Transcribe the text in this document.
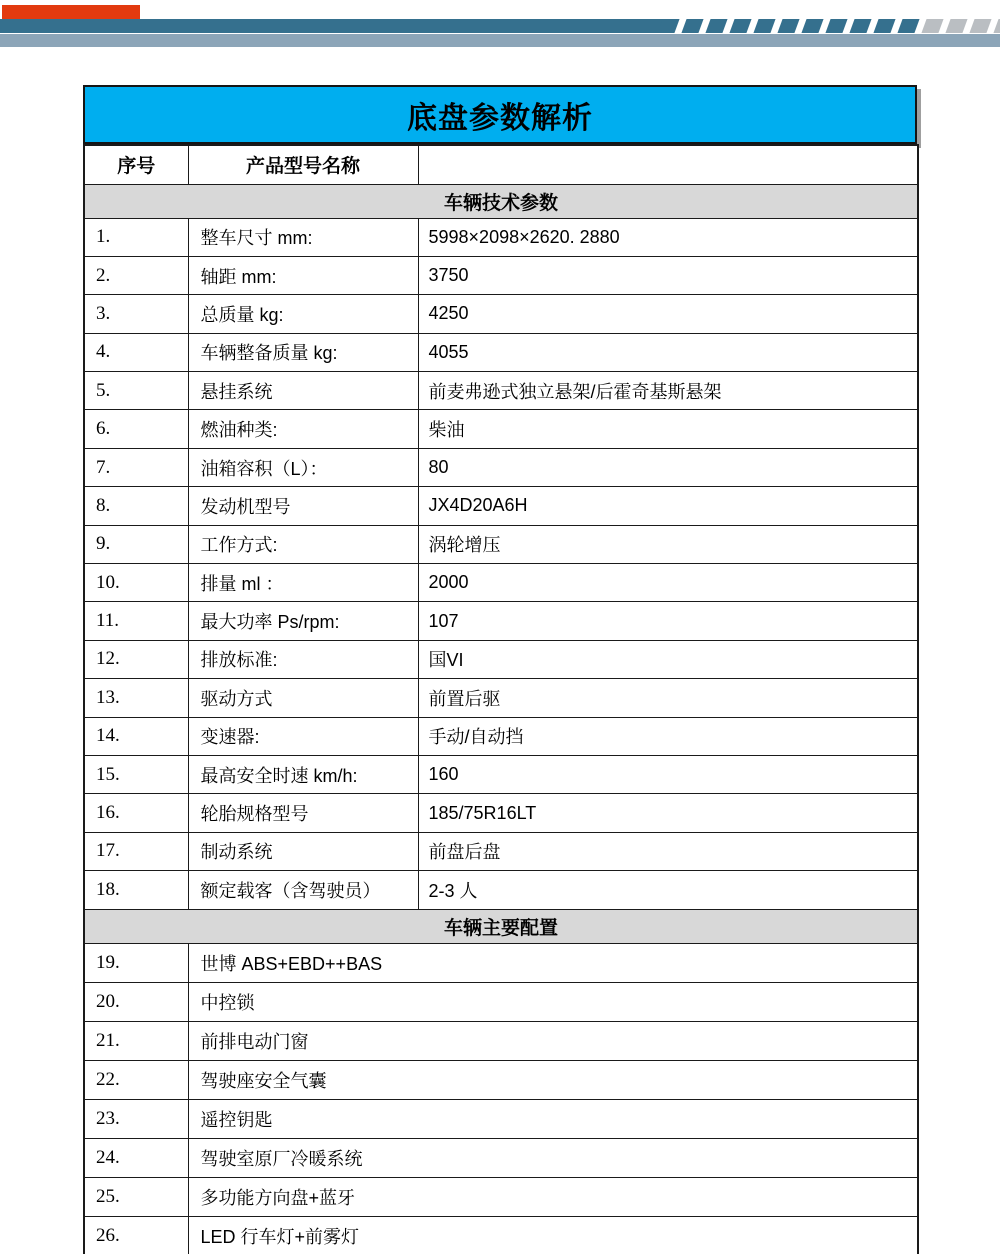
底盘参数解析
序号	产品型号名称	
车辆技术参数		
1.	整车尺寸 mm:	5998×2098×2620. 2880
2.	轴距 mm:	3750
3.	总质量 kg:	4250
4.	车辆整备质量 kg:	4055
5.	悬挂系统	前麦弗逊式独立悬架/后霍奇基斯悬架
6.	燃油种类:	柴油
7.	油箱容积（L）：	80
8.	发动机型号	JX4D20A6H
9.	工作方式:	涡轮增压
10.	排量 ml ：	2000
11.	最大功率 Ps/rpm:	107
12.	排放标准:	国VI
13.	驱动方式	前置后驱
14.	变速器:	手动/自动挡
15.	最高安全时速 km/h:	160
16.	轮胎规格型号	185/75R16LT
17.	制动系统	前盘后盘
18.	额定载客（含驾驶员）	2-3 人
车辆主要配置		
19.	世博 ABS+EBD++BAS	
20.	中控锁	
21.	前排电动门窗	
22.	驾驶座安全气囊	
23.	遥控钥匙	
24.	驾驶室原厂冷暖系统	
25.	多功能方向盘+蓝牙	
26.	LED 行车灯+前雾灯	
